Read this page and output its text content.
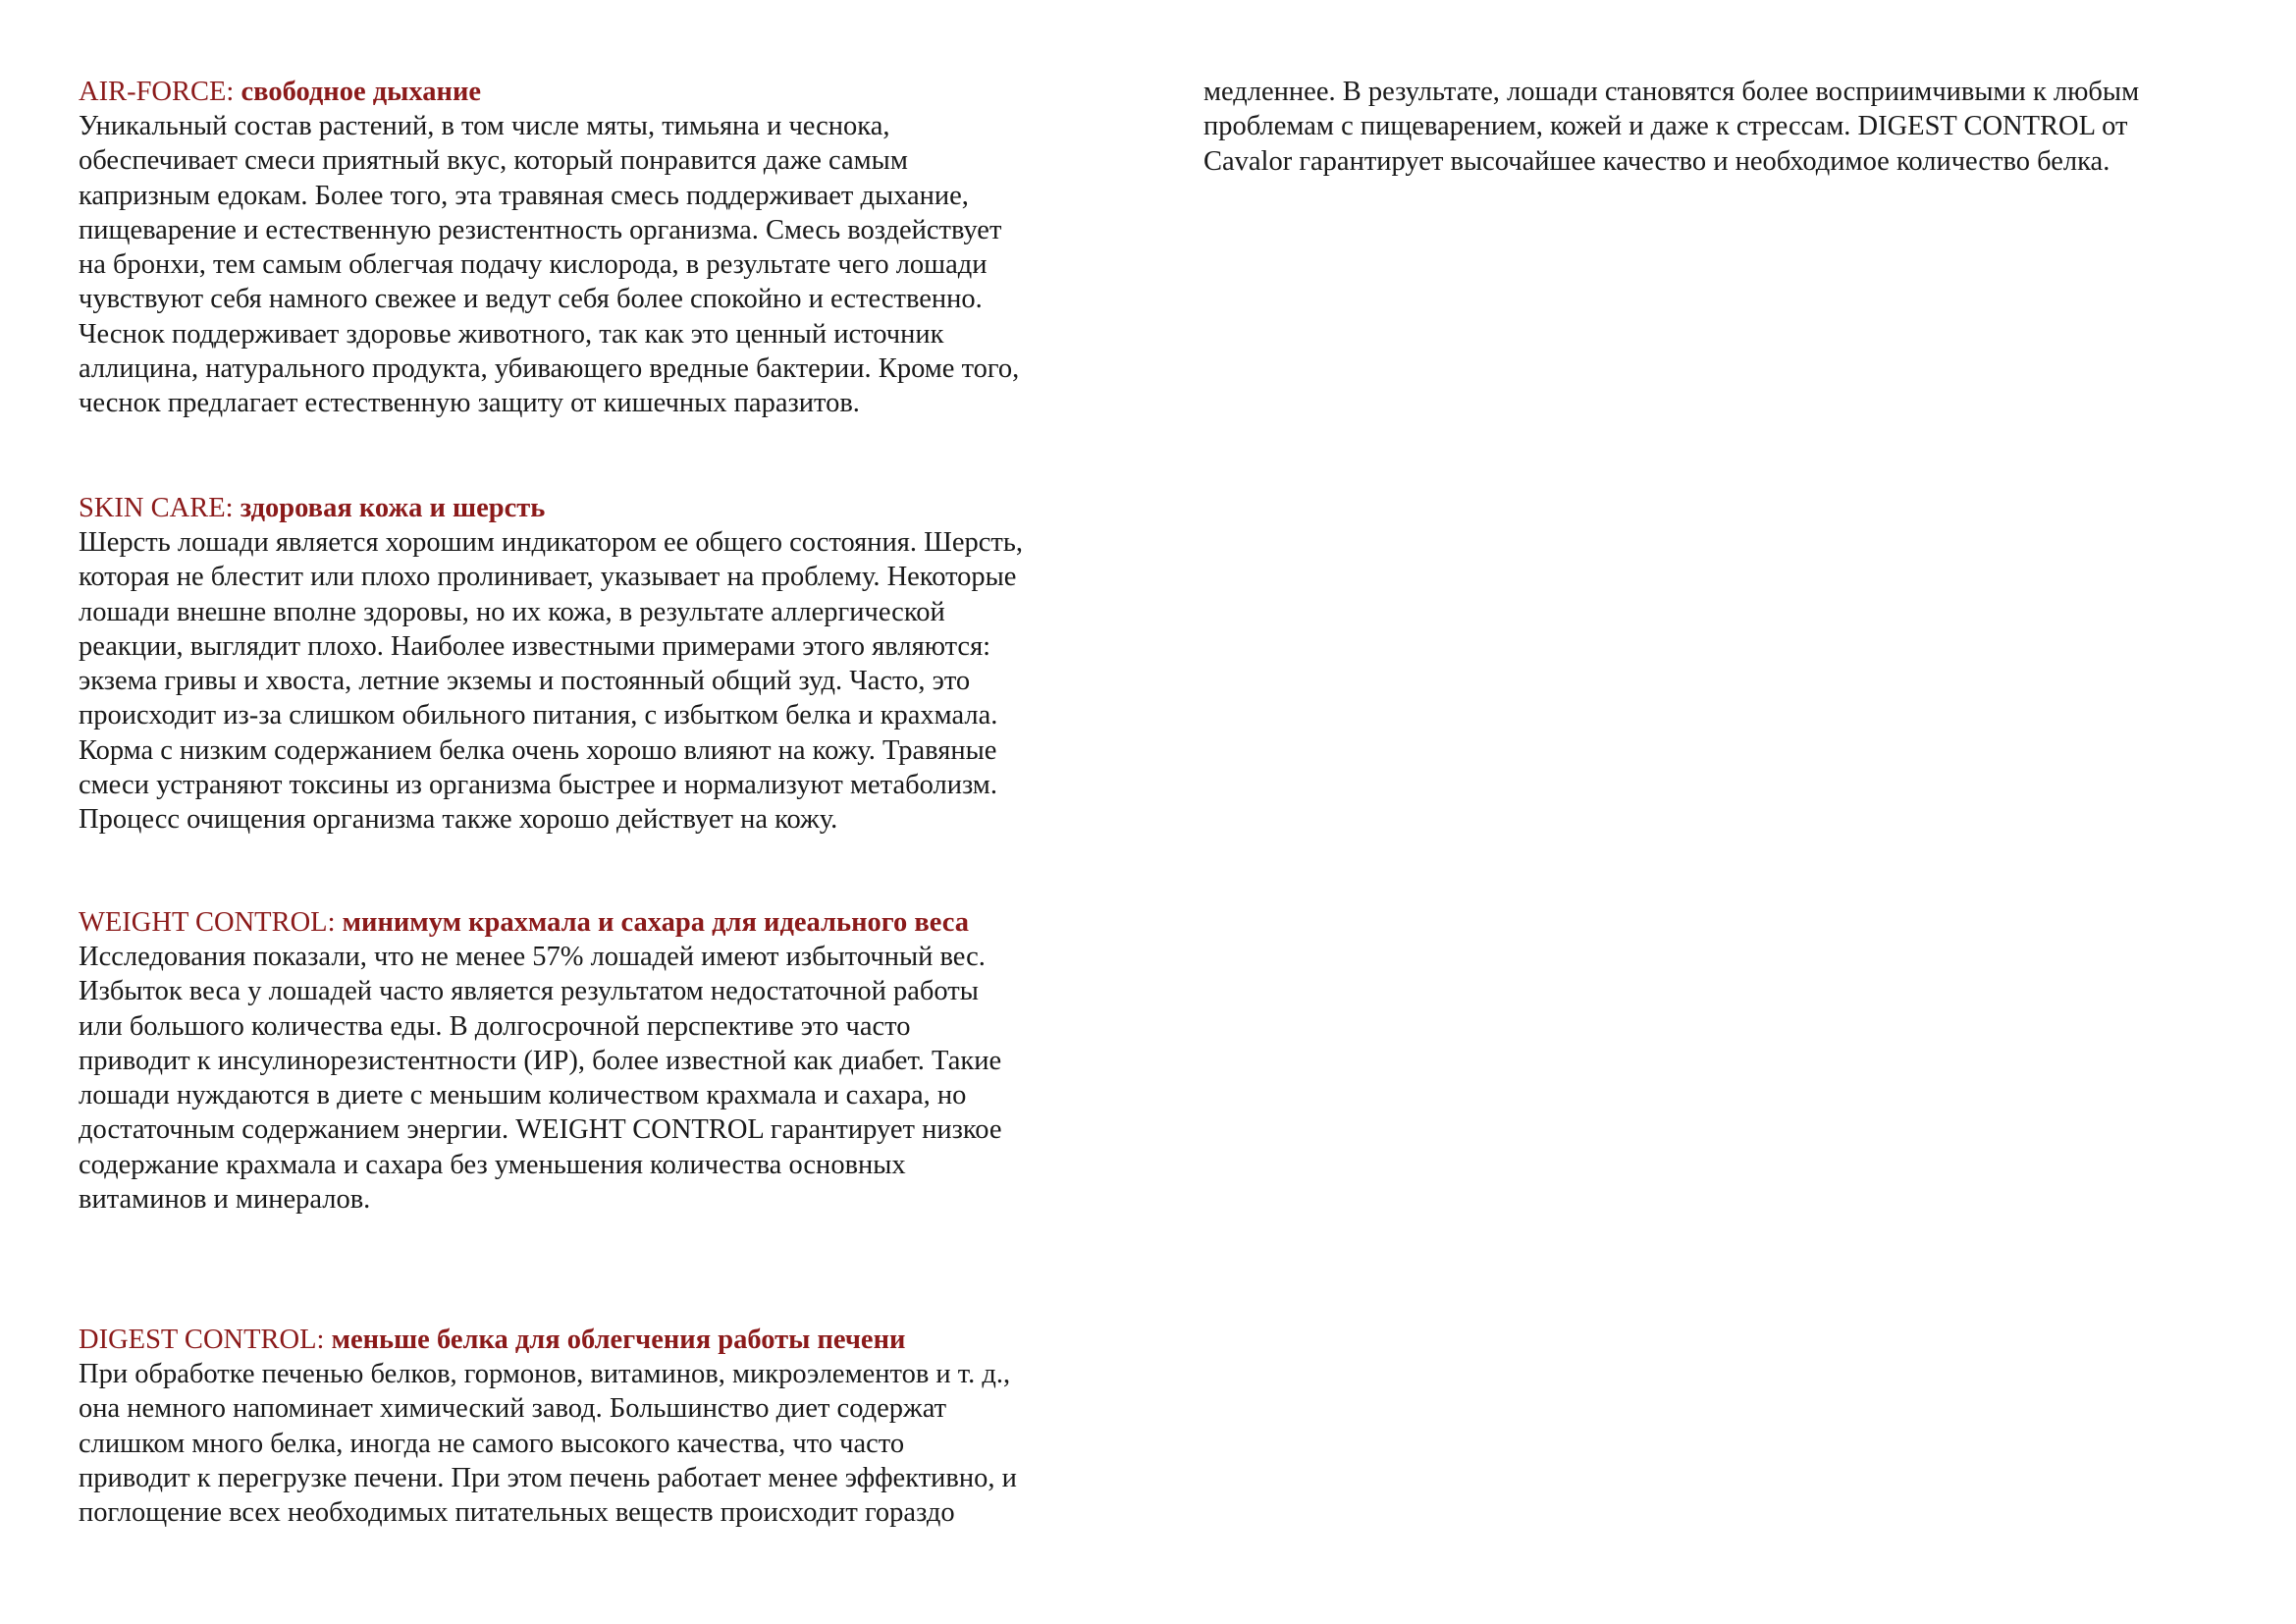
AIR-FORCE: свободное дыхание
Уникальный состав растений, в том числе мяты, тимьяна и чеснока,
обеспечивает смеси приятный вкус, который понравится даже самым
капризным едокам. Более того, эта травяная смесь поддерживает дыхание,
пищеварение и естественную резистентность организма. Смесь воздействует
на бронхи, тем самым облегчая подачу кислорода, в результате чего лошади
чувствуют себя намного свежее и ведут себя более спокойно и естественно.
Чеснок поддерживает здоровье животного, так как это ценный источник
аллицина, натурального продукта, убивающего вредные бактерии. Кроме того,
чеснок предлагает естественную защиту от кишечных паразитов.
SKIN CARE: здоровая кожа и шерсть
Шерсть лошади является хорошим индикатором ее общего состояния. Шерсть,
которая не блестит или плохо пролинивает, указывает на проблему. Некоторые
лошади внешне вполне здоровы, но их кожа, в результате аллергической
реакции, выглядит плохо. Наиболее известными примерами этого являются:
экзема гривы и хвоста, летние экземы и постоянный общий зуд. Часто, это
происходит из-за слишком обильного питания, с избытком белка и крахмала.
Корма с низким содержанием белка очень хорошо влияют на кожу. Травяные
смеси устраняют токсины из организма быстрее и нормализуют метаболизм.
Процесс очищения организма также хорошо действует на кожу.
WEIGHT CONTROL: минимум крахмала и сахара для идеального веса
Исследования показали, что не менее 57% лошадей имеют избыточный вес.
Избыток веса у лошадей часто является результатом недостаточной работы
или большого количества еды. В долгосрочной перспективе это часто
приводит к инсулинорезистентности (ИР), более известной как диабет. Такие
лошади нуждаются в диете с меньшим количеством крахмала и сахара, но
достаточным содержанием энергии. WEIGHT CONTROL гарантирует низкое
содержание крахмала и сахара без уменьшения количества основных
витаминов и минералов.
DIGEST CONTROL: меньше белка для облегчения работы печени
При обработке печенью белков, гормонов, витаминов, микроэлементов и т. д.,
она немного напоминает химический завод. Большинство диет содержат
слишком много белка, иногда не самого высокого качества, что часто
приводит к перегрузке печени. При этом печень работает менее эффективно, и
поглощение всех необходимых питательных веществ происходит гораздо
медленнее. В результате, лошади становятся более восприимчивыми к любым
проблемам с пищеварением, кожей и даже к стрессам. DIGEST CONTROL от
Cavalor гарантирует высочайшее качество и необходимое количество белка.
